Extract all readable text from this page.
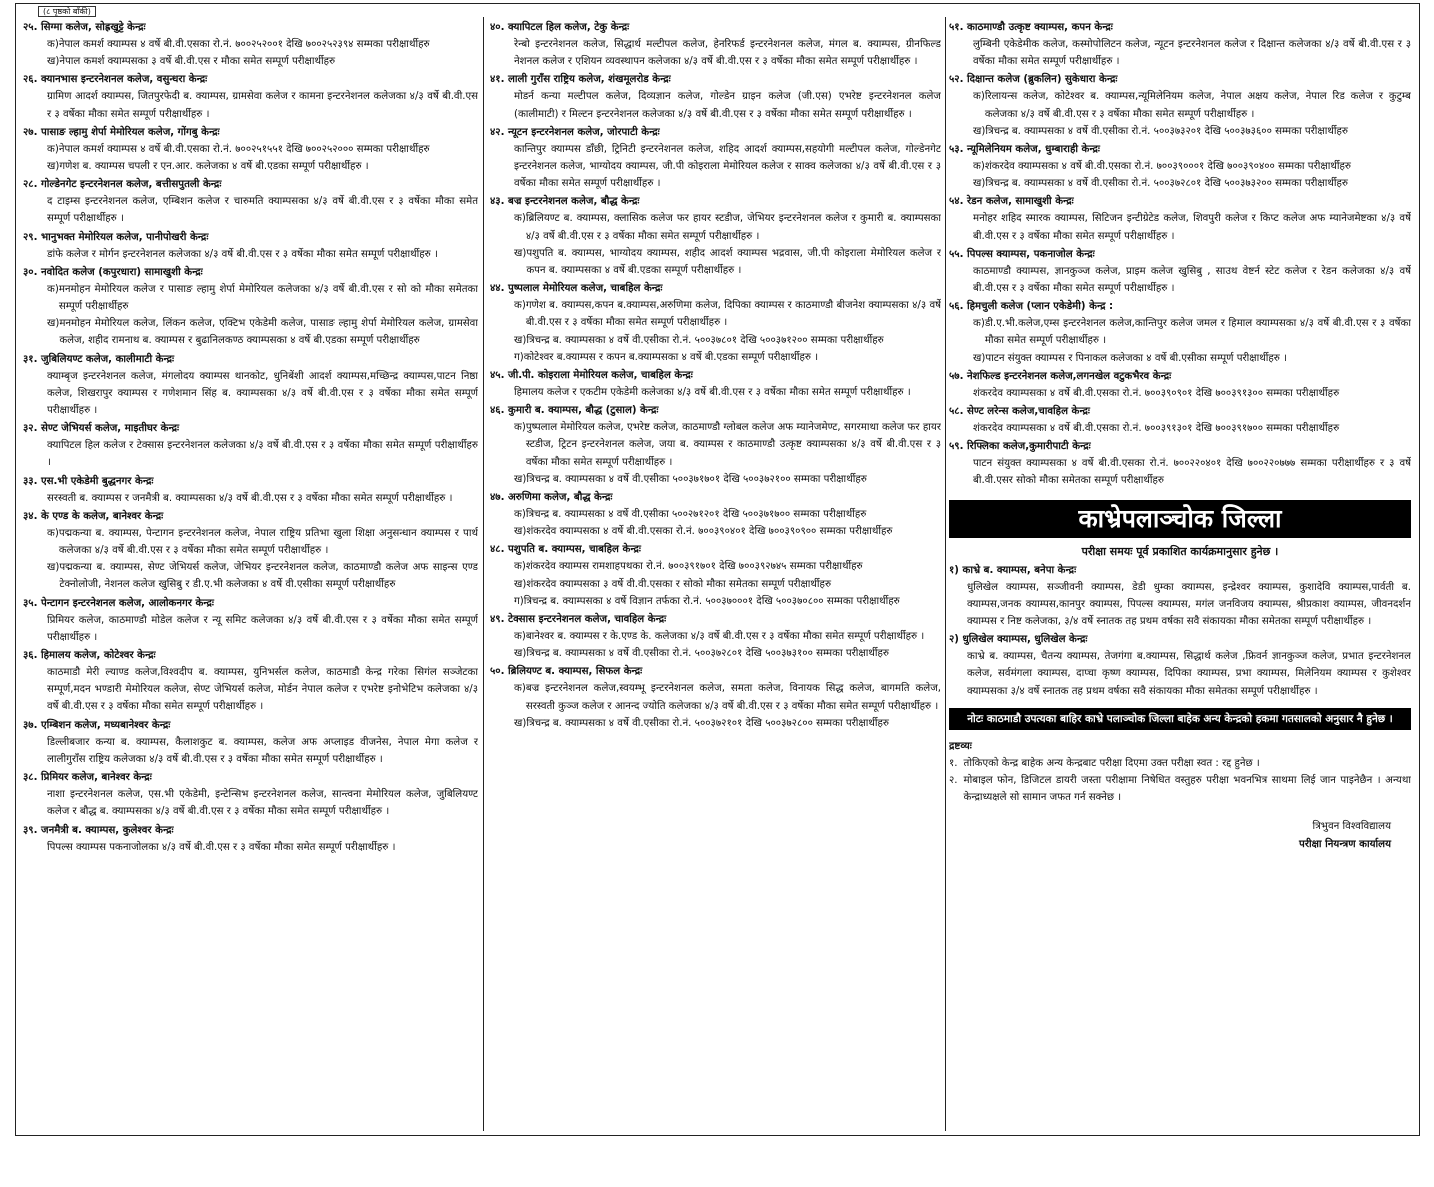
(८ पृष्ठको बाँकी)
२५. सिग्मा कलेज, सोह्रखुट्टे केन्द्रः
क) नेपाल कमर्श क्याम्पस ४ वर्षे बी.वी.एसका रो.नं. ७००२५२००१ देखि ७००२५२३९४ सम्मका परीक्षार्थीहरु
ख) नेपाल कमर्श क्याम्पसका ३ वर्षे बी.वी.एस र मौका समेत सम्पूर्ण परीक्षार्थीहरु
२६. क्यानभास इन्टरनेशनल कलेज, वसुन्धरा केन्द्रः
ग्रामिण आदर्श क्याम्पस, जितपुरफेदी ब. क्याम्पस, ग्रामसेवा कलेज र कामना इन्टरनेशनल कलेजका ४/३ वर्षे बी.वी.एस र ३ वर्षेका मौका समेत सम्पूर्ण परीक्षार्थीहरु ।
२७. पासाङ ल्हामु शेर्पा मेमोरियल कलेज, गोंगबु केन्द्रः
क) नेपाल कमर्श क्याम्पस ४ वर्षे बी.वी.एसका रो.नं. ७००२५१५५१ देखि ७००२५२००० सम्मका परीक्षार्थीहरु
ख) गणेश ब. क्याम्पस चपली र एन.आर. कलेजका ४ वर्षे बी.एडका सम्पूर्ण परीक्षार्थीहरु ।
२८. गोल्डेनगेट इन्टरनेशनल कलेज, बत्तीसपुतली केन्द्रः
द टाइम्स इन्टरनेशनल कलेज, एम्बिशन कलेज र चारुमति क्याम्पसका ४/३ वर्षे बी.वी.एस र ३ वर्षेका मौका समेत सम्पूर्ण परीक्षार्थीहरु ।
२९. भानुभक्त मेमोरियल कलेज, पानीपोखरी केन्द्रः
डांफे कलेज र मोर्गन इन्टरनेशनल कलेजका ४/३ वर्षे बी.वी.एस र ३ वर्षेका मौका समेत सम्पूर्ण परीक्षार्थीहरु ।
३०. नवोदित कलेज (कपुरधारा) सामाखुशी केन्द्रः
क) मनमोहन मेमोरियल कलेज र पासाङ ल्हामु शेर्पा मेमोरियल कलेजका ४/३ वर्षे बी.वी.एस र सो को मौका समेतका सम्पूर्ण परीक्षार्थीहरु
ख) मनमोहन मेमोरियल कलेज, लिंकन कलेज, एक्टिभ एकेडेमी कलेज, पासाङ ल्हामु शेर्पा मेमोरियल कलेज, ग्रामसेवा कलेज, शहीद रामनाथ ब. क्याम्पस र बुढानिलकण्ठ क्याम्पसका ४ वर्षे बी.एडका सम्पूर्ण परीक्षार्थीहरु
३१. जुबिलियण्ट कलेज, कालीमाटी केन्द्रः
क्याम्बृज इन्टरनेशनल कलेज, मंगलोदय क्याम्पस थानकोट, धुनिबेंशी आदर्श क्याम्पस,मच्छिन्द्र क्याम्पस,पाटन निष्ठा कलेज, शिखरापुर क्याम्पस र गणेशमान सिंह ब. क्याम्पसका ४/३ वर्षे बी.वी.एस र ३ वर्षेका मौका समेत सम्पूर्ण परीक्षार्थीहरु ।
३२. सेण्ट जेभियर्स कलेज, माइतीघर केन्द्रः
क्यापिटल हिल कलेज र टेक्सास इन्टरनेशनल कलेजका ४/३ वर्षे बी.वी.एस र ३ वर्षेका मौका समेत सम्पूर्ण परीक्षार्थीहरु ।
३३. एस.भी एकेडेमी बुद्धनगर केन्द्रः
सरस्वती ब. क्याम्पस र जनमैत्री ब. क्याम्पसका ४/३ वर्षे बी.वी.एस र ३ वर्षेका मौका समेत सम्पूर्ण परीक्षार्थीहरु ।
३४. के एण्ड के कलेज, बानेश्वर केन्द्रः
क) पद्मकन्या ब. क्याम्पस, पेन्टागन इन्टरनेशनल कलेज, नेपाल राष्ट्रिय प्रतिभा खुला शिक्षा अनुसन्धान क्याम्पस र पार्थ कलेजका ४/३ वर्षे बी.वी.एस र ३ वर्षेका मौका समेत सम्पूर्ण परीक्षार्थीहरु ।
ख) पद्मकन्या ब. क्याम्पस, सेण्ट जेभियर्स कलेज, जेभियर इन्टरनेशनल कलेज, काठमाण्डौ कलेज अफ साइन्स एण्ड टेक्नोलोजी, नेशनल कलेज खुसिबु र डी.ए.भी कलेजका ४ वर्षे वी.एसीका सम्पूर्ण परीक्षार्थीहरु
३५. पेन्टागन इन्टरनेशनल कलेज, आलोकनगर केन्द्रः
प्रिमियर कलेज, काठमाण्डौ मोडेल कलेज र न्यू समिट कलेजका ४/३ वर्षे बी.वी.एस र ३ वर्षेका मौका समेत सम्पूर्ण परीक्षार्थीहरु ।
३६. हिमालय कलेज, कोटेश्वर केन्द्रः
काठमाडौ मेरी ल्याण्ड कलेज,विश्वदीप ब. क्याम्पस, युनिभर्सल कलेज, काठमाडौ केन्द्र गरेका सिगंल सञ्जेटका सम्पूर्ण,मदन भण्डारी मेमोरियल कलेज, सेण्ट जेभियर्स कलेज, मोर्डन नेपाल कलेज र एभरेष्ट इनोभेटिभ कलेजका ४/३ वर्षे बी.वी.एस र ३ वर्षेका मौका समेत सम्पूर्ण परीक्षार्थीहरु ।
३७. एम्बिशन कलेज, मध्यबानेश्वर केन्द्रः
डिल्लीबजार कन्या ब. क्याम्पस, कैलाशकुट ब. क्याम्पस, कलेज अफ अप्लाइड वीजनेस, नेपाल मेगा कलेज र लालीगुराँस राष्ट्रिय कलेजका ४/३ वर्षे बी.वी.एस र ३ वर्षेका मौका समेत सम्पूर्ण परीक्षार्थीहरु ।
३८. प्रिमियर कलेज, बानेश्वर केन्द्रः
नाशा इन्टरनेशनल कलेज, एस.भी एकेडेमी, इन्टेन्सिभ इन्टरनेशनल कलेज, सान्त्वना मेमोरियल कलेज, जुबिलियण्ट कलेज र बौद्ध ब. क्याम्पसका ४/३ वर्षे बी.वी.एस र ३ वर्षेका मौका समेत सम्पूर्ण परीक्षार्थीहरु ।
३९. जनमैत्री ब. क्याम्पस, कुलेश्वर केन्द्रः
पिपल्स क्याम्पस पकनाजोलका ४/३ वर्षे बी.वी.एस र ३ वर्षेका मौका समेत सम्पूर्ण परीक्षार्थीहरु ।
४०. क्यापिटल हिल कलेज, टेकु केन्द्रः
रेन्बो इन्टरनेशनल कलेज, सिद्धार्थ मल्टीपल कलेज, हेनरिफर्ड इन्टरनेशनल कलेज, मंगल ब. क्याम्पस, ग्रीनफिल्ड नेशनल कलेज र एशियन व्यवस्थापन कलेजका ४/३ वर्षे बी.वी.एस र ३ वर्षेका मौका समेत सम्पूर्ण परीक्षार्थीहरु ।
४१. लाली गुराँस राष्ट्रिय कलेज, शंखमूलरोड केन्द्रः
मोडर्न कन्या मल्टीपल कलेज, दिव्यज्ञान कलेज, गोल्डेन ग्राइन कलेज (जी.एस) एभरेष्ट इन्टरनेशनल कलेज (कालीमाटी) र मिल्टन इन्टरनेशनल कलेजका ४/३ वर्षे बी.वी.एस र ३ वर्षेका मौका समेत सम्पूर्ण परीक्षार्थीहरु ।
४२. न्यूटन इन्टरनेशनल कलेज, जोरपाटी केन्द्रः
कान्तिपुर क्याम्पस डाँछी, ट्रिनिटी इन्टरनेशनल कलेज, शहिद आदर्श क्याम्पस,सहयोगी मल्टीपल कलेज, गोल्डेनगेट इन्टरनेशनल कलेज, भाग्योदय क्याम्पस, जी.पी कोइराला मेमोरियल कलेज र साक्व कलेजका ४/३ वर्षे बी.वी.एस र ३ वर्षेका मौका समेत सम्पूर्ण परीक्षार्थीहरु ।
४३. बज्र इन्टरनेशनल कलेज, बौद्ध केन्द्रः
क) ब्रिलियण्ट ब. क्याम्पस, क्लासिक कलेज फर हायर स्टडीज, जेभियर इन्टरनेशनल कलेज र कुमारी ब. क्याम्पसका ४/३ वर्षे बी.वी.एस र ३ वर्षेका मौका समेत सम्पूर्ण परीक्षार्थीहरु ।
ख) पशुपति ब. क्याम्पस, भाग्योदय क्याम्पस, शहीद आदर्श क्याम्पस भद्रवास, जी.पी कोइराला मेमोरियल कलेज र कपन ब. क्याम्पसका ४ वर्षे बी.एडका सम्पूर्ण परीक्षार्थीहरु ।
४४. पुष्पलाल मेमोरियल कलेज, चाबहिल केन्द्रः
क) गणेश ब. क्याम्पस,कपन ब.क्याम्पस,अरुणिमा कलेज, दिपिका क्याम्पस र काठमाण्डौ बीजनेश क्याम्पसका ४/३ वर्षे बी.वी.एस र ३ वर्षेका मौका समेत सम्पूर्ण परीक्षार्थीहरु ।
ख) त्रिचन्द्र ब. क्याम्पसका ४ वर्षे वी.एसीका रो.नं. ५००३७८०१ देखि ५००३७१२०० सम्मका परीक्षार्थीहरु
ग) कोटेश्वर ब.क्याम्पस र कपन ब.क्याम्पसका ४ वर्षे बी.एडका सम्पूर्ण परीक्षार्थीहरु ।
४५. जी.पी. कोइराला मेमोरियल कलेज, चाबहिल केन्द्रः
हिमालय कलेज र एकटीम एकेडेमी कलेजका ४/३ वर्षे बी.वी.एस र ३ वर्षेका मौका समेत सम्पूर्ण परीक्षार्थीहरु ।
४६. कुमारी ब. क्याम्पस, बौद्ध (टुसाल) केन्द्रः
क) पुष्पलाल मेमोरियल कलेज, एभरेष्ट कलेज, काठमाण्डौ ग्लोबल कलेज अफ म्यानेजमेण्ट, सगरमाथा कलेज फर हायर स्टडीज, ट्रिटन इन्टरनेशनल कलेज, जया ब. क्याम्पस र काठमाण्डौ उत्कृष्ट क्याम्पसका ४/३ वर्षे बी.वी.एस र ३ वर्षेका मौका समेत सम्पूर्ण परीक्षार्थीहरु ।
ख) त्रिचन्द्र ब. क्याम्पसका ४ वर्षे वी.एसीका ५००३७१७०१ देखि ५००३७२१०० सम्मका परीक्षार्थीहरु
४७. अरुणिमा कलेज, बौद्ध केन्द्रः
क) त्रिचन्द्र ब. क्याम्पसका ४ वर्षे वी.एसीका ५००२७१२०१ देखि ५००३७१७०० सम्मका परीक्षार्थीहरु
ख) शंकरदेव क्याम्पसका ४ वर्षे बी.वी.एसका रो.नं. ७००३९०४०१ देखि ७००३९०९०० सम्मका परीक्षार्थीहरु
४८. पशुपति ब. क्याम्पस, चाबहिल केन्द्रः
क) शंकरदेव क्याम्पस रामशाहपथका रो.नं. ७००३९१७०१ देखि ७००३९२७४५ सम्मका परीक्षार्थीहरु
ख) शंकरदेव क्याम्पसका ३ वर्षे वी.वी.एसका र सोको मौका समेतका सम्पूर्ण परीक्षार्थीहरु
ग) त्रिचन्द्र ब. क्याम्पसका ४ वर्षे विज्ञान तर्फका रो.नं. ५००३७०००१ देखि ५००३७०८०० सम्मका परीक्षार्थीहरु
४९. टेक्सास इन्टरनेशनल कलेज, चावहिल केन्द्रः
क) बानेश्वर ब. क्याम्पस र के.एण्ड के. कलेजका ४/३ वर्षे बी.वी.एस र ३ वर्षेका मौका समेत सम्पूर्ण परीक्षार्थीहरु ।
ख) त्रिचन्द्र ब. क्याम्पसका ४ वर्षे वी.एसीका रो.नं. ५००३७२८०१ देखि ५००३७३१०० सम्मका परीक्षार्थीहरु
५०. ब्रिलियण्ट ब. क्याम्पस, सिफल केन्द्रः
क) बज्र इन्टरनेशनल कलेज,स्वयम्भू इन्टरनेशनल कलेज, समता कलेज, विनायक सिद्ध कलेज, बागमति कलेज, सरस्वती कुञ्ज कलेज र आनन्द ज्योति कलेजका ४/३ वर्षे बी.वी.एस र ३ वर्षेका मौका समेत सम्पूर्ण परीक्षार्थीहरु ।
ख) त्रिचन्द्र ब. क्याम्पसका ४ वर्षे वी.एसीका रो.नं. ५००३७२१०१ देखि ५००३७२८०० सम्मका परीक्षार्थीहरु
५१. काठमाण्डौ उत्कृष्ट क्याम्पस, कपन केन्द्रः
लुम्बिनी एकेडेमीक कलेज, कस्मोपोलिटन कलेज, न्यूटन इन्टरनेशनल कलेज र दिक्षान्त कलेजका ४/३ वर्षे बी.वी.एस र ३ वर्षेका मौका समेत सम्पूर्ण परीक्षार्थीहरु ।
५२. दिक्षान्त कलेज (ब्रुकलिन) सुकेधारा केन्द्रः
क) रिलायन्स कलेज, कोटेश्वर ब. क्याम्पस,न्यूमिलेनियम कलेज, नेपाल अक्षय कलेज, नेपाल रिड कलेज र कुटुम्ब कलेजका ४/३ वर्षे बी.वी.एस र ३ वर्षेका मौका समेत सम्पूर्ण परीक्षार्थीहरु ।
ख) त्रिचन्द्र ब. क्याम्पसका ४ वर्षे वी.एसीका रो.नं. ५००३७३२०१ देखि ५००३७३६०० सम्मका परीक्षार्थीहरु
५३. न्यूमिलेनियम कलेज, धुम्बाराही केन्द्रः
क) शंकरदेव क्याम्पसका ४ वर्षे बी.वी.एसका रो.नं. ७००३९०००१ देखि ७००३९०४०० सम्मका परीक्षार्थीहरु
ख) त्रिचन्द्र ब. क्याम्पसका ४ वर्षे वी.एसीका रो.नं. ५००३७२८०१ देखि ५००३७३२०० सम्मका परीक्षार्थीहरु
५४. रेडन कलेज, सामाखुशी केन्द्रः
मनोहर शहिद स्मारक क्याम्पस, सिटिजन इन्टीग्रेटेड कलेज, शिवपुरी कलेज र किप्ट कलेज अफ म्यानेजमेष्टका ४/३ वर्षे बी.वी.एस र ३ वर्षेका मौका समेत सम्पूर्ण परीक्षार्थीहरु ।
५५. पिपल्स क्याम्पस, पकनाजोल केन्द्रः
काठमाण्डौ क्याम्पस, ज्ञानकुञ्ज कलेज, प्राइम कलेज खुसिबु , साउथ वेष्टर्न स्टेट कलेज र रेडन कलेजका ४/३ वर्षे बी.वी.एस र ३ वर्षेका मौका समेत सम्पूर्ण परीक्षार्थीहरु ।
५६. हिमचुली कलेज (प्लान एकेडेमी) केन्द्र :
क) डी.ए.भी.कलेज,एम्स इन्टरनेशनल कलेज,कान्तिपुर कलेज जमल र हिमाल क्याम्पसका ४/३ वर्षे बी.वी.एस र ३ वर्षेका मौका समेत सम्पूर्ण परीक्षार्थीहरु ।
ख) पाटन संयुक्त क्याम्पस र पिनाकल कलेजका ४ वर्षे बी.एसीका सम्पूर्ण परीक्षार्थीहरु ।
५७. नेशफिल्ड इन्टरनेशनल कलेज,लगनखेल वटुकभैरव केन्द्रः
शंकरदेव क्याम्पसका ४ वर्षे बी.वी.एसका रो.नं. ७००३९०९०१ देखि ७००३९१३०० सम्मका परीक्षार्थीहरु
५८. सेण्ट लरेन्स कलेज,चावहिल केन्द्रः
शंकरदेव क्याम्पसका ४ वर्षे बी.वी.एसका रो.नं. ७००३९१३०१ देखि ७००३९१७०० सम्मका परीक्षार्थीहरु
५९. रिफ्लिका कलेज,कुमारीपाटी केन्द्रः
पाटन संयुक्त क्याम्पसका ४ वर्षे बी.वी.एसका रो.नं. ७००२२०४०१ देखि ७००२२०७७७ सम्मका परीक्षार्थीहरु र ३ वर्षे बी.वी.एसर सोको मौका समेतका सम्पूर्ण परीक्षार्थीहरु
काभ्रेपलाञ्चोक जिल्ला
परीक्षा समयः पूर्व प्रकाशित कार्यक्रमानुसार हुनेछ ।
१) काभ्रे ब. क्याम्पस, बनेपा केन्द्रः
धुलिखेल क्याम्पस, सञ्जीवनी क्याम्पस, डेडी धुम्का क्याम्पस, इन्द्रेश्वर क्याम्पस, कुशादेवि क्याम्पस,पार्वती ब. क्याम्पस,जनक क्याम्पस,कानपुर क्याम्पस, पिपल्स क्याम्पस, मगंल जनविजय क्याम्पस, श्रीप्रकाश क्याम्पस, जीवनदर्शन क्याम्पस र निष्ट कलेजका, ३/४ वर्षे स्नातक तह प्रथम वर्षका सवै संकायका मौका समेतका सम्पूर्ण परीक्षार्थीहरु ।
२) धुलिखेल क्याम्पस, धुलिखेल केन्द्रः
काभ्रे ब. क्याम्पस, चैतन्य क्याम्पस, तेजगंगा ब.क्याम्पस, सिद्धार्थ कलेज ,फ्रिवर्न ज्ञानकुञ्ज कलेज, प्रभात इन्टरनेशनल कलेज, सर्वमंगला क्याम्पस, दाप्चा कृष्ण क्याम्पस, दिपिका क्याम्पस, प्रभा क्याम्पस, मिलेनियम क्याम्पस र कुशेश्वर क्याम्पसका ३/४ वर्षे स्नातक तह प्रथम वर्षका सवै संकायका मौका समेतका सम्पूर्ण परीक्षार्थीहरु ।
नोटः काठमाडौ उपत्यका बाहिर काभ्रे पलाञ्चोक जिल्ला बाहेक अन्य केन्द्रको हकमा गतसालको अनुसार नै हुनेछ ।
द्रष्टव्यः
१. तोकिएको केन्द्र बाहेक अन्य केन्द्रबाट परीक्षा दिएमा उक्त परीक्षा स्वत : रद्द हुनेछ ।
२. मोबाइल फोन, डिजिटल डायरी जस्ता परीक्षामा निषेधित वस्तुहरु परीक्षा भवनभित्र साथमा लिई जान पाइनेछैन । अन्यथा केन्द्राध्यक्षले सो सामान जफत गर्न सक्नेछ ।
त्रिभुवन विश्वविद्यालय
परीक्षा नियन्त्रण कार्यालय
